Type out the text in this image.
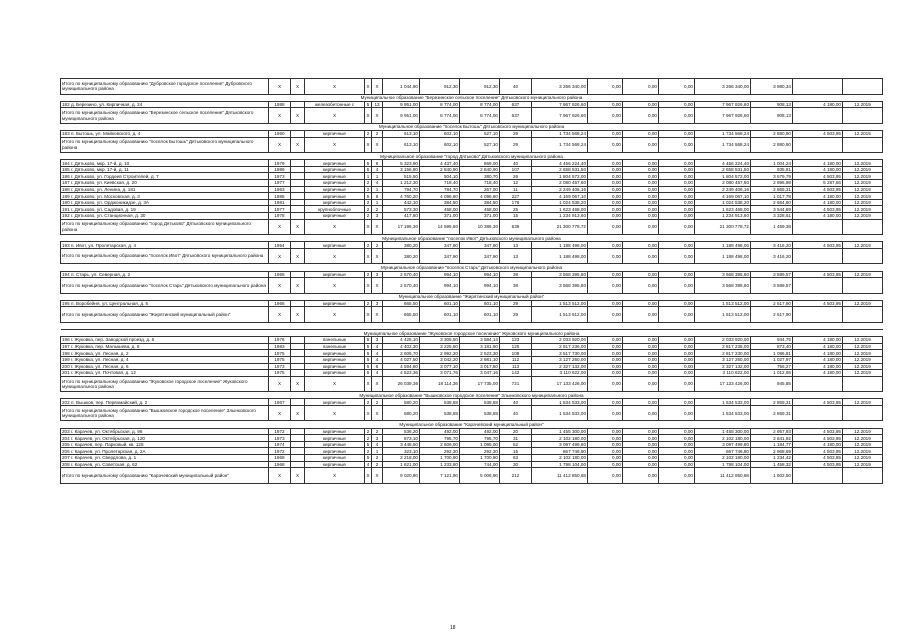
Итого по муниципальному образованию "Дубровское городское поселение" Дубровского муниципального района	Х	Х	Х	Х	Х	1 044,90	912,30	912,30	40	3 266 340,00	0,00	0,00	0,00	3 266 340,00	3 980,34		
Муниципальное образование "Березинское сельское поселение" Дятьковского муниципального района																	
182 д. Березино, ул. Кирпичная, д. 24	1988		железобетонные с	5	13	9 951,00	8 774,00	8 774,00	637	7 967 926,60	0,00	0,00	0,00	7 967 926,60	908,13	4 180,00	12.2019
Итого по муниципальному образованию "Березинское сельское поселение" Дятьковского муниципального района	Х	Х	Х	Х	Х	9 951,00	8 774,00	8 774,00	637	7 967 926,60	0,00	0,00	0,00	7 967 926,60	908,13		
Муниципальное образование "поселок Бытошь" Дятьковского муниципального района																	
183 п. Бытошь, ул. Майковского, д. 4	1960		кирпичные	2	2	613,10	602,10	527,10	29	1 734 568,24	0,00	0,00	0,00	1 734 568,24	2 880,90	4 503,95	12.2015
Итого по муниципальному образованию "поселок Бытошь" Дятьковского муниципального района	Х	Х	Х	Х	Х	613,10	602,10	527,10	29	1 734 568,24	0,00	0,00	0,00	1 734 568,24	2 880,90		
Муниципальное образование "город Дятьково" Дятьковского муниципального района																	
184 г. Дятьково, мкр. 17-й, д. 10	1979		кирпичные	5	6	5 323,90	4 437,40	869,00	40	4 456 224,40	0,00	0,00	0,00	4 456 224,40	1 004,24	4 180,00	12.2019
185 г. Дятьково, мкр. 17-й, д. 11	1986		кирпичные	5	4	3 156,80	2 840,90	2 840,90	107	2 658 531,50	0,00	0,00	0,00	2 658 531,50	935,81	4 180,00	12.2019
186 г. Дятьково, ул. Гордеев Строителей, д. 7	1973		кирпичные	1	1	515,50	504,10	380,70	26	1 804 572,00	0,00	0,00	0,00	1 804 572,00	3 579,79	4 503,95	12.2019
187 г. Дятьково, ул. Киевская, д. 20	1977		кирпичные	2	4	1 212,30	718,40	718,40	12	2 080 457,60	0,00	0,00	0,00	2 080 457,60	2 895,98	5 287,56	12.2019
188 г. Дятьково, ул. Ленина, д. 181	1963		кирпичные	2	1	794,70	784,70	267,00	11	2 249 406,16	0,00	0,00	0,00	2 249 406,16	2 865,31	4 503,95	12.2019
189 г. Дятьково, ул. Московская, д. 3	1985		кирпичные	5	6	4 760,20	4 096,80	4 096,80	227	4 169 067,10	0,00	0,00	0,00	4 169 067,10	1 017,78	4 180,00	12.2019
190 г. Дятьково, ул. Орджоникидзе, д. 3А	1981		кирпичные	2	1	442,10	384,50	384,50	176	1 024 538,20	0,00	0,00	0,00	1 024 538,20	2 664,60	4 180,00	12.2019
191 г. Дятьково, ул. Садовая, д. 19	1977		крупноблочные	2	2	573,30	458,00	458,00	25	1 623 468,00	0,00	0,00	0,00	1 623 468,00	3 544,69	4 503,95	12.2019
192 г. Дятьково, ул. Станционная, д. 30	1978		кирпичные	2	3	417,50	371,00	371,00	15	1 234 913,60	0,00	0,00	0,00	1 234 913,60	3 328,61	4 180,00	12.2019
Итого по муниципальному образованию "город Дятьково" Дятьковского муниципального района	Х	Х	Х	Х	Х	17 196,30	14 595,60	10 386,30	639	21 300 778,72	0,00	0,00	0,00	21 300 778,72	1 459,38		
Муниципальное образование "поселок Ивот" Дятьковского муниципального района																	
193 п. Ивот, ул. Пролетарская, д. 4	1954		кирпичные	2	2	380,20	347,90	347,90	13	1 188 498,00	0,00	0,00	0,00	1 188 498,00	3 416,20	4 503,95	12.2019
Итого по муниципальному образованию "поселок Ивот" Дятьковского муниципального района	Х	Х	Х	Х	Х	380,20	347,90	347,90	13	1 188 498,00	0,00	0,00	0,00	1 188 498,00	3 416,20		
Муниципальное образование "поселок Старь" Дятьковского муниципального района																	
194 п. Старь, ул. Северная, д. 2	1965		кирпичные	2	3	2 570,40	994,10	994,10	38	3 568 395,60	0,00	0,00	0,00	3 568 395,60	3 589,57	4 503,95	12.2019
Итого по муниципальному образованию "поселок Старь" Дятьковского муниципального района	Х	Х	Х	Х	Х	2 570,40	994,10	994,10	38	3 568 395,60	0,00	0,00	0,00	3 568 395,60	3 589,57		
Муниципальное образование "Жирятинский муниципальный район"																	
195 п. Воробейня, ул. Центральная, д. 5	1966		кирпичные	2	3	665,50	601,10	601,10	29	1 513 512,00	0,00	0,00	0,00	1 513 512,00	2 517,90	4 503,95	12.2019
Итого по муниципальному образованию "Жирятинский муниципальный район"	Х	Х	Х	Х	Х	665,50	601,10	601,10	29	1 513 512,00	0,00	0,00	0,00	1 513 512,00	2 517,90		

Муниципальное образование "Жуковское городское поселение" Жуковского муниципального района																	
196 г. Жуковка, пер. Заводской проезд, д. 6	1976		панельные	5	3	4 425,10	3 305,50	3 584,14	123	2 033 920,00	0,00	0,00	0,00	2 033 920,00	944,75	4 180,00	12.2019
197 г. Жуковка, пер. Малышева, д. 5	1983		панельные	5	4	4 402,30	3 225,60	3 181,90	125	2 817 236,00	0,00	0,00	0,00	2 817 236,00	873,40	4 180,00	12.2019
198 г. Жуковка, ул. Лесная, д. 2	1975		кирпичные	5	4	2 606,70	2 992,20	2 523,30	108	3 517 730,00	0,00	0,00	0,00	2 817 230,00	1 086,81	4 180,00	12.2019
199 г. Жуковка, ул. Лесная, д. 4	1975		кирпичные	5	4	4 027,50	3 042,20	2 981,10	112	3 127 260,00	0,00	0,00	0,00	3 127 260,00	1 027,97	4 180,00	12.2019
200 г. Жуковка, ул. Лесная, д. 6	1973		кирпичные	5	6	4 594,80	3 077,10	3 017,50	113	2 327 132,00	0,00	0,00	0,00	2 327 132,00	756,27	4 180,00	12.2019
201 г. Жуковка, ул. Почтовая, д. 12	1975		кирпичные	5	4	4 523,36	3 071,76	3 047,16	142	3 110 622,00	0,00	0,00	0,00	3 110 622,00	1 012,65	4 180,00	12.2019
Итого по муниципальному образованию "Жуковское городское поселение" Жуковского муниципального района	Х	Х	Х	Х	Х	26 039,36	18 114,36	17 735,00	721	17 133 426,00	0,00	0,00	0,00	17 133 426,00	945,85		
Муниципальное образование "Вышковское городское поселение" Злынковского муниципального района																	
202 п. Вышков, пер. Первомайский, д. 2	1967		кирпичные	2	2	580,20	538,68	538,68	40	1 534 533,00	0,00	0,00	0,00	1 534 533,00	2 859,31	4 503,95	12.2019
Итого по муниципальному образованию "Вышковское городское поселение" Злынковского муниципального района	Х	Х	Х	Х	Х	580,20	538,68	538,68	40	1 534 533,00	0,00	0,00	0,00	1 534 533,00	2 859,31		
Муниципальное образование "Карачевский муниципальный район"																	
203 г. Карачев, ул. Октябрьская, д. 96	1972		кирпичные	2	2	536,20	492,00	492,00	20	1 455 300,00	0,00	0,00	0,00	1 455 300,00	2 957,93	4 503,95	12.2019
204 г. Карачев, ул. Октябрьская, д. 120	1973		кирпичные	2	3	873,10	795,70	795,70	31	2 102 180,00	0,00	0,00	0,00	2 102 180,00	2 641,92	4 503,95	12.2019
205 г. Карачев, пер. Парковый, кв. 125	1974		кирпичные	5	4	3 448,50	2 606,00	1 095,00	52	3 097 499,80	0,00	0,00	0,00	3 097 499,80	1 184,77	4 180,00	12.2019
206 г. Карачев, ул. Пролетарская, д. 2А	1972		кирпичные	2	1	323,10	292,30	292,30	15	867 746,80	0,00	0,00	0,00	867 746,80	2 968,69	4 503,95	12.2019
207 г. Карачев, ул. Свердлова, д. 1	1969		кирпичные	5	2	2 218,00	1 700,90	1 700,90	63	2 102 180,00	0,00	0,00	0,00	2 102 180,00	1 234,42	4 503,95	12.2019
208 г. Карачев, ул. Советская, д. 62	1968		кирпичные	4	2	1 621,00	1 233,80	744,00	30	1 798 104,00	0,00	0,00	0,00	1 798 104,00	1 458,32	4 503,95	12.2019
Итого по муниципальному образованию "Карачевский муниципальный район"	Х	Х	Х	Х	Х	9 020,90	7 121,90	5 006,90	212	11 412 850,68	0,00	0,00	0,00	11 412 850,68	1 602,50		
18
